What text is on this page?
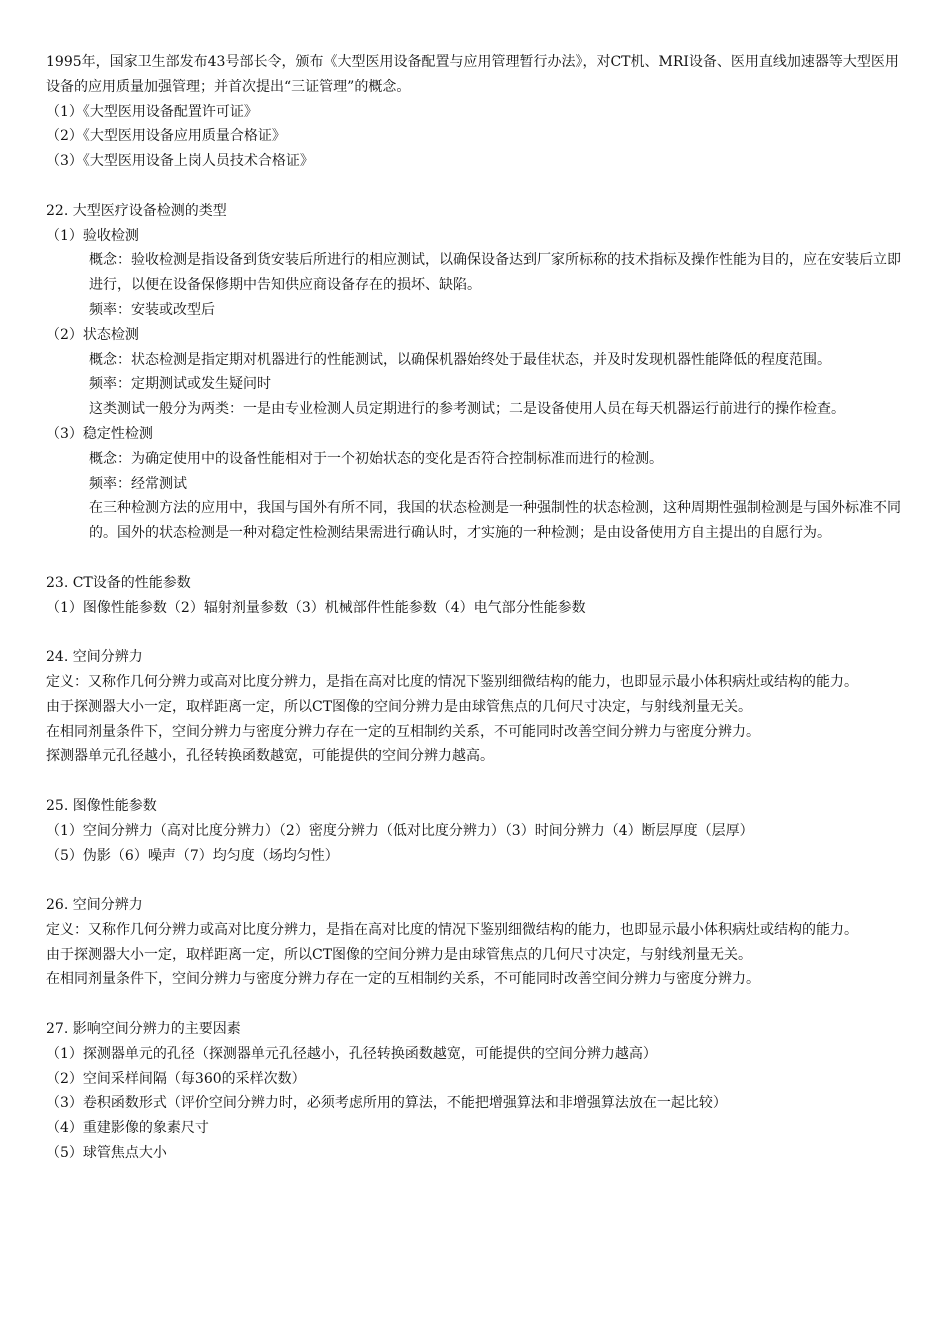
1995年，国家卫生部发布43号部长令，颁布《大型医用设备配置与应用管理暂行办法》，对CT机、MRI设备、医用直线加速器等大型医用设备的应用质量加强管理；并首次提出“三证管理”的概念。

（1）《大型医用设备配置许可证》

（2）《大型医用设备应用质量合格证》

（3）《大型医用设备上岗人员技术合格证》

22. 大型医疗设备检测的类型

（1）验收检测

概念：验收检测是指设备到货安装后所进行的相应测试，以确保设备达到厂家所标称的技术指标及操作性能为目的，应在安装后立即进行，以便在设备保修期中告知供应商设备存在的损坏、缺陷。

频率：安装或改型后

（2）状态检测

概念：状态检测是指定期对机器进行的性能测试，以确保机器始终处于最佳状态，并及时发现机器性能降低的程度范围。

频率：定期测试或发生疑问时

这类测试一般分为两类：一是由专业检测人员定期进行的参考测试；二是设备使用人员在每天机器运行前进行的操作检查。

（3）稳定性检测

概念：为确定使用中的设备性能相对于一个初始状态的变化是否符合控制标准而进行的检测。

频率：经常测试

在三种检测方法的应用中，我国与国外有所不同，我国的状态检测是一种强制性的状态检测，这种周期性强制检测是与国外标准不同的。国外的状态检测是一种对稳定性检测结果需进行确认时，才实施的一种检测；是由设备使用方自主提出的自愿行为。

23. CT设备的性能参数

（1）图像性能参数（2）辐射剂量参数（3）机械部件性能参数（4）电气部分性能参数

24. 空间分辨力

定义：又称作几何分辨力或高对比度分辨力，是指在高对比度的情况下鉴别细微结构的能力，也即显示最小体积病灶或结构的能力。

由于探测器大小一定，取样距离一定，所以CT图像的空间分辨力是由球管焦点的几何尺寸决定，与射线剂量无关。

在相同剂量条件下，空间分辨力与密度分辨力存在一定的互相制约关系，不可能同时改善空间分辨力与密度分辨力。

探测器单元孔径越小，孔径转换函数越宽，可能提供的空间分辨力越高。

25. 图像性能参数

（1）空间分辨力（高对比度分辨力）（2）密度分辨力（低对比度分辨力）（3）时间分辨力（4）断层厚度（层厚）

（5）伪影（6）噪声（7）均匀度（场均匀性）

26. 空间分辨力

定义：又称作几何分辨力或高对比度分辨力，是指在高对比度的情况下鉴别细微结构的能力，也即显示最小体积病灶或结构的能力。

由于探测器大小一定，取样距离一定，所以CT图像的空间分辨力是由球管焦点的几何尺寸决定，与射线剂量无关。

在相同剂量条件下，空间分辨力与密度分辨力存在一定的互相制约关系，不可能同时改善空间分辨力与密度分辨力。

27. 影响空间分辨力的主要因素

（1）探测器单元的孔径（探测器单元孔径越小，孔径转换函数越宽，可能提供的空间分辨力越高）

（2）空间采样间隔（每360的采样次数）

（3）卷积函数形式（评价空间分辨力时，必须考虑所用的算法，不能把增强算法和非增强算法放在一起比较）

（4）重建影像的象素尺寸

（5）球管焦点大小
